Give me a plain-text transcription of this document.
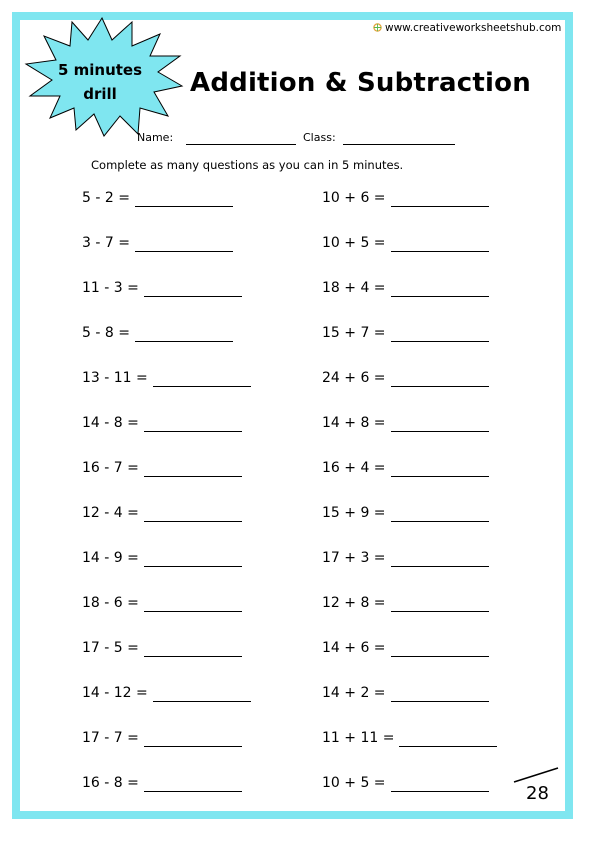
5 minutes
drill
www.creativeworksheetshub.com
Addition & Subtraction
Name:	Class:
Complete as many questions as you can in 5 minutes.
5 - 2 =
3 - 7 =
11 - 3 =
5 - 8 =
13 - 11 =
14 - 8 =
16 - 7 =
12 - 4 =
14 - 9 =
18 - 6 =
17 - 5 =
14 - 12 =
17 - 7 =
16 - 8 =
10 + 6 =
10 + 5 =
18 + 4 =
15 + 7 =
24 + 6 =
14 + 8 =
16 + 4 =
15 + 9 =
17 + 3 =
12 + 8 =
14 + 6 =
14 + 2 =
11 + 11 =
10 + 5 =	28
